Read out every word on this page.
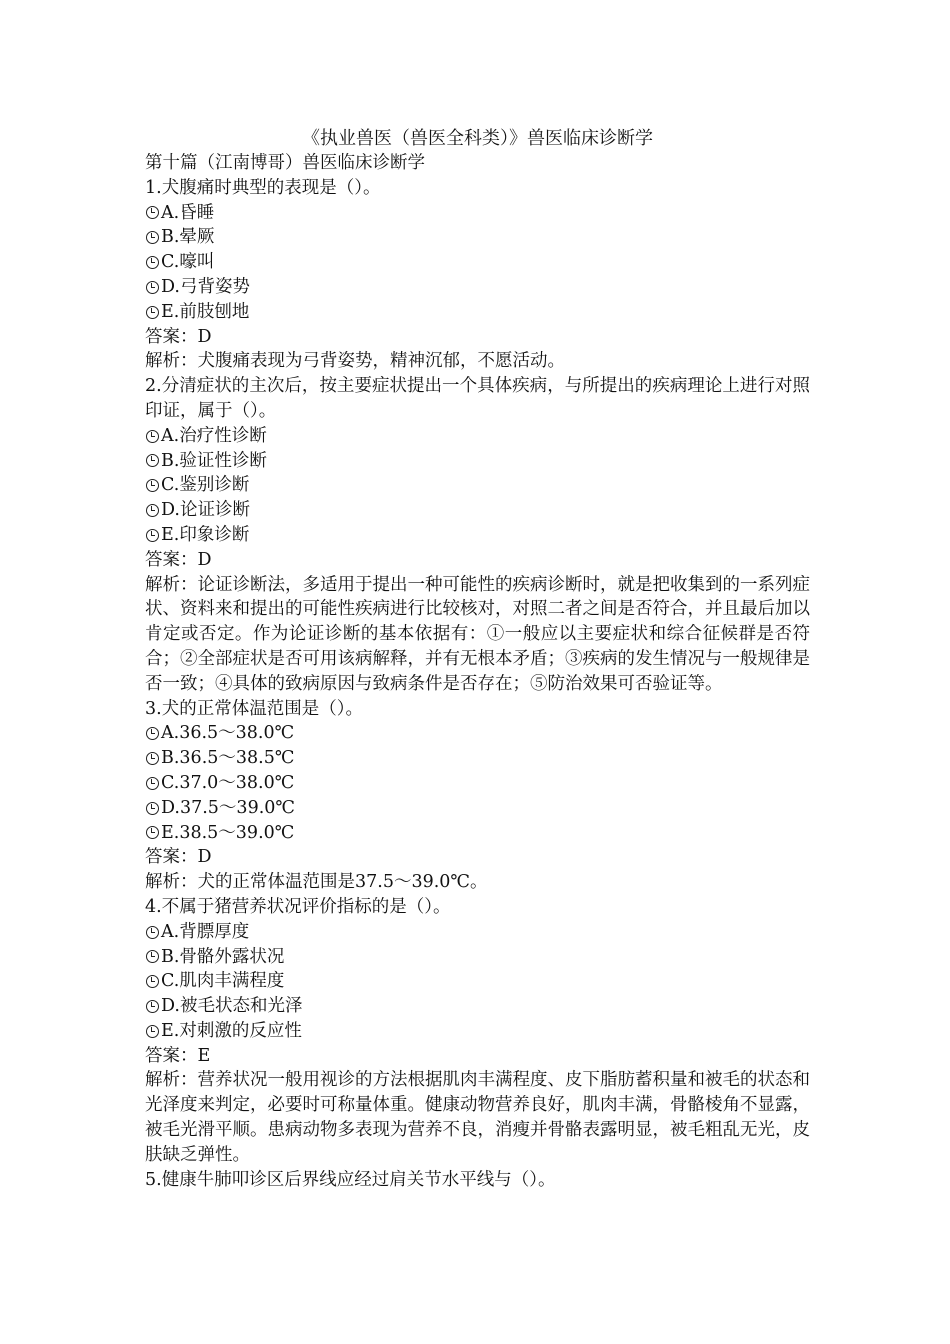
《执业兽医（兽医全科类）》兽医临床诊断学

第十篇（江南博哥）兽医临床诊断学

1.犬腹痛时典型的表现是（）。

A.昏睡
B.晕厥
C.嚎叫
D.弓背姿势
E.前肢刨地

答案：D

解析：犬腹痛表现为弓背姿势，精神沉郁，不愿活动。

2.分清症状的主次后，按主要症状提出一个具体疾病，与所提出的疾病理论上进行对照印证，属于（）。

A.治疗性诊断
B.验证性诊断
C.鉴别诊断
D.论证诊断
E.印象诊断

答案：D

解析：论证诊断法，多适用于提出一种可能性的疾病诊断时，就是把收集到的一系列症状、资料来和提出的可能性疾病进行比较核对，对照二者之间是否符合，并且最后加以肯定或否定。作为论证诊断的基本依据有：①一般应以主要症状和综合征候群是否符合；②全部症状是否可用该病解释，并有无根本矛盾；③疾病的发生情况与一般规律是否一致；④具体的致病原因与致病条件是否存在；⑤防治效果可否验证等。

3.犬的正常体温范围是（）。

A.36.5～38.0℃
B.36.5～38.5℃
C.37.0～38.0℃
D.37.5～39.0℃
E.38.5～39.0℃

答案：D

解析：犬的正常体温范围是37.5～39.0℃。

4.不属于猪营养状况评价指标的是（）。

A.背膘厚度
B.骨骼外露状况
C.肌肉丰满程度
D.被毛状态和光泽
E.对刺激的反应性

答案：E

解析：营养状况一般用视诊的方法根据肌肉丰满程度、皮下脂肪蓄积量和被毛的状态和光泽度来判定，必要时可称量体重。健康动物营养良好，肌肉丰满，骨骼棱角不显露，被毛光滑平顺。患病动物多表现为营养不良，消瘦并骨骼表露明显，被毛粗乱无光，皮肤缺乏弹性。

5.健康牛肺叩诊区后界线应经过肩关节水平线与（）。
